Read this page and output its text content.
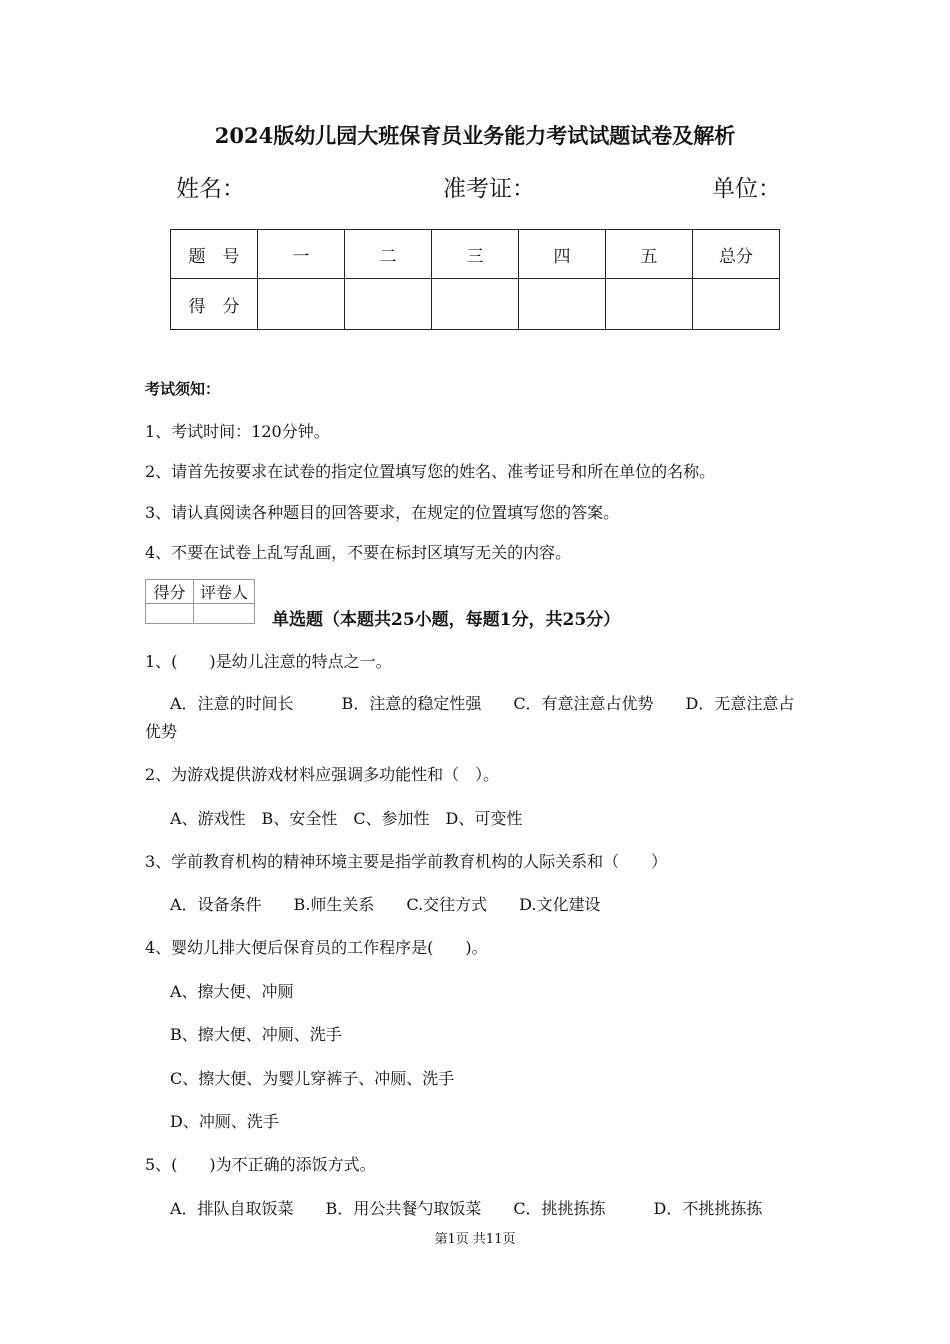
2024版幼儿园大班保育员业务能力考试试题试卷及解析
姓名：	准考证：	单位：
题　号	一	二	三	四	五	总分
得　分						
考试须知：
1、考试时间：120分钟。
2、请首先按要求在试卷的指定位置填写您的姓名、准考证号和所在单位的名称。
3、请认真阅读各种题目的回答要求，在规定的位置填写您的答案。
4、不要在试卷上乱写乱画，不要在标封区填写无关的内容。
得分	评卷人

单选题（本题共25小题，每题1分，共25分）
1、(　　)是幼儿注意的特点之一。
A．注意的时间长　　　B．注意的稳定性强　　C．有意注意占优势　　D．无意注意占
优势
2、为游戏提供游戏材料应强调多功能性和（　）。
A、游戏性　B、安全性　C、参加性　D、可变性
3、学前教育机构的精神环境主要是指学前教育机构的人际关系和（　　）
A．设备条件　　B.师生关系　　C.交往方式　　D.文化建设
4、婴幼儿排大便后保育员的工作程序是(　　)。
A、擦大便、冲厕
B、擦大便、冲厕、洗手
C、擦大便、为婴儿穿裤子、冲厕、洗手
D、冲厕、洗手
5、(　　)为不正确的添饭方式。
A．排队自取饭菜　　B．用公共餐勺取饭菜　　C．挑挑拣拣　　　D．不挑挑拣拣
第1页 共11页
